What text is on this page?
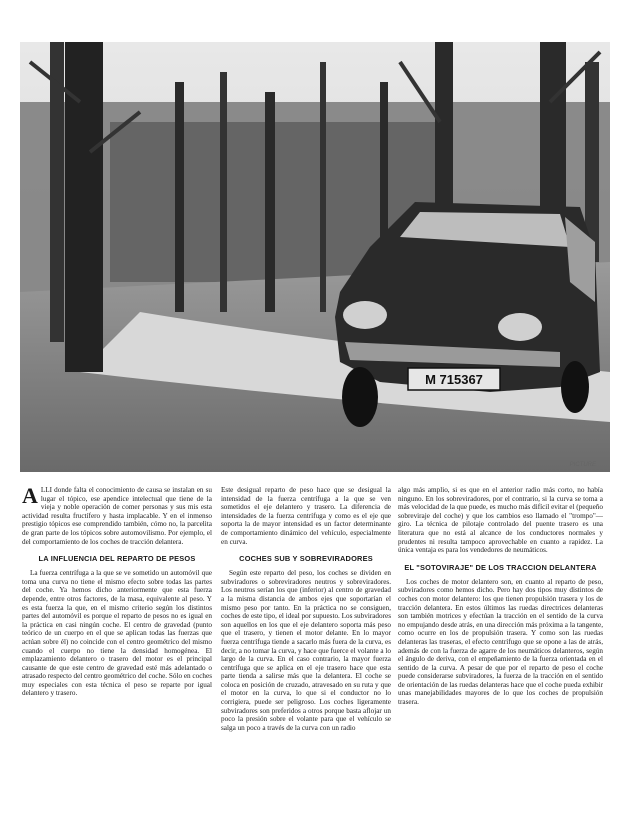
M 715367
PICTURE

ALLI donde falta el conocimiento de causa se instalan en su lugar el tópico, ese apendice intelectual que tiene de la vieja y noble operación de comer personas y sus mis esta actividad resulta fructífero y hasta implacable. Y en el inmenso prestigio tópicos ese comprendido también, cómo no, la parcelita de gran parte de los tópicos sobre automovilismo. Por ejemplo, el del comportamiento de los coches de tracción delantera.

LA INFLUENCIA DEL REPARTO DE PESOS

La fuerza centrífuga a la que se ve sometido un automóvil que toma una curva no tiene el mismo efecto sobre todas las partes del coche. Ya hemos dicho anteriormente que esta fuerza depende, entre otros factores, de la masa, equivalente al peso. Y es esta fuerza la que, en el mismo criterio según los distintos partes del automóvil es porque el reparto de pesos no es igual en la práctica en casi ningún coche. El centro de gravedad (punto teórico de un cuerpo en el que se aplican todas las fuerzas que actúan sobre él) no coincide con el centro geométrico del mismo cuando el cuerpo no tiene la densidad homogénea. El emplazamiento delantero o trasero del motor es el principal causante de que este centro de gravedad esté más adelantado o atrasado respecto del centro geométrico del coche. Sólo en coches muy especiales con esta técnica el peso se reparte por igual delantero y trasero.

Este desigual reparto de peso hace que se desigual la intensidad de la fuerza centrífuga a la que se ven sometidos el eje delantero y trasero. La diferencia de intensidades de la fuerza centrífuga y como es el eje que soporta la de mayor intensidad es un factor determinante de comportamiento dinámico del vehículo, especialmente en curva.

COCHES SUB Y SOBREVIRADORES

Según este reparto del peso, los coches se dividen en subviradores o sobreviradores neutros y sobreviradores. Los neutros serían los que (inferior) al centro de gravedad a la misma distancia de ambos ejes que soportarían el mismo peso por tanto. En la práctica no se consiguen, coches de este tipo, el ideal por supuesto. Los subviradores son aquellos en los que el eje delantero soporta más peso que el trasero, y tienen el motor delante. En lo mayor fuerza centrífuga tiende a sacarlo más fuera de la curva, es decir, a no tomar la curva, y hace que fuerce el volante a lo largo de la curva. En el caso contrario, la mayor fuerza centrífuga que se aplica en el eje trasero hace que esta parte tienda a salirse más que la delantera. El coche se coloca en posición de cruzado, atravesado en su ruta y que el motor en la curva, lo que si el conductor no lo corrigiera, puede ser peligroso. Los coches ligeramente subviradores son preferidos a otros porque basta aflojar un poco la presión sobre el volante para que el vehículo se salga un poco a través de la curva con un radio

algo más amplio, si es que en el anterior radio más corto, no había ninguno. En los sobreviradores, por el contrario, si la curva se toma a más velocidad de la que puede, es mucho más difícil evitar el (pequeño sobreviraje del coche) y que los cambios eso llamado el "trompo"—giro. La técnica de pilotaje controlado del puente trasero es una literatura que no está al alcance de los conductores normales y prudentes ni resulta tampoco aprovechable en cuanto a rapidez. La única ventaja es para los vendedores de neumáticos.

EL "SOTOVIRAJE" DE LOS TRACCION DELANTERA

Los coches de motor delantero son, en cuanto al reparto de peso, subviradores como hemos dicho. Pero hay dos tipos muy distintos de coches con motor delantero: los que tienen propulsión trasera y los de tracción delantera. En estos últimos las ruedas directrices delanteras son también motrices y efectúan la tracción en el sentido de la curva no empujando desde atrás, en una dirección más próxima a la tangente, como ocurre en los de propulsión trasera. Y como son las ruedas delanteras las traseras, el efecto centrífugo que se opone a las de atrás, además de con la fuerza de agarre de los neumáticos delanteros, según el ángulo de deriva, con el empeñamiento de la fuerza orientada en el sentido de la curva. A pesar de que por el reparto de peso el coche puede considerarse subviradores, la fuerza de la tracción en el sentido de orientación de las ruedas delanteras hace que el coche pueda exhibir unas manejabilidades mayores de lo que los coches de propulsión trasera.
